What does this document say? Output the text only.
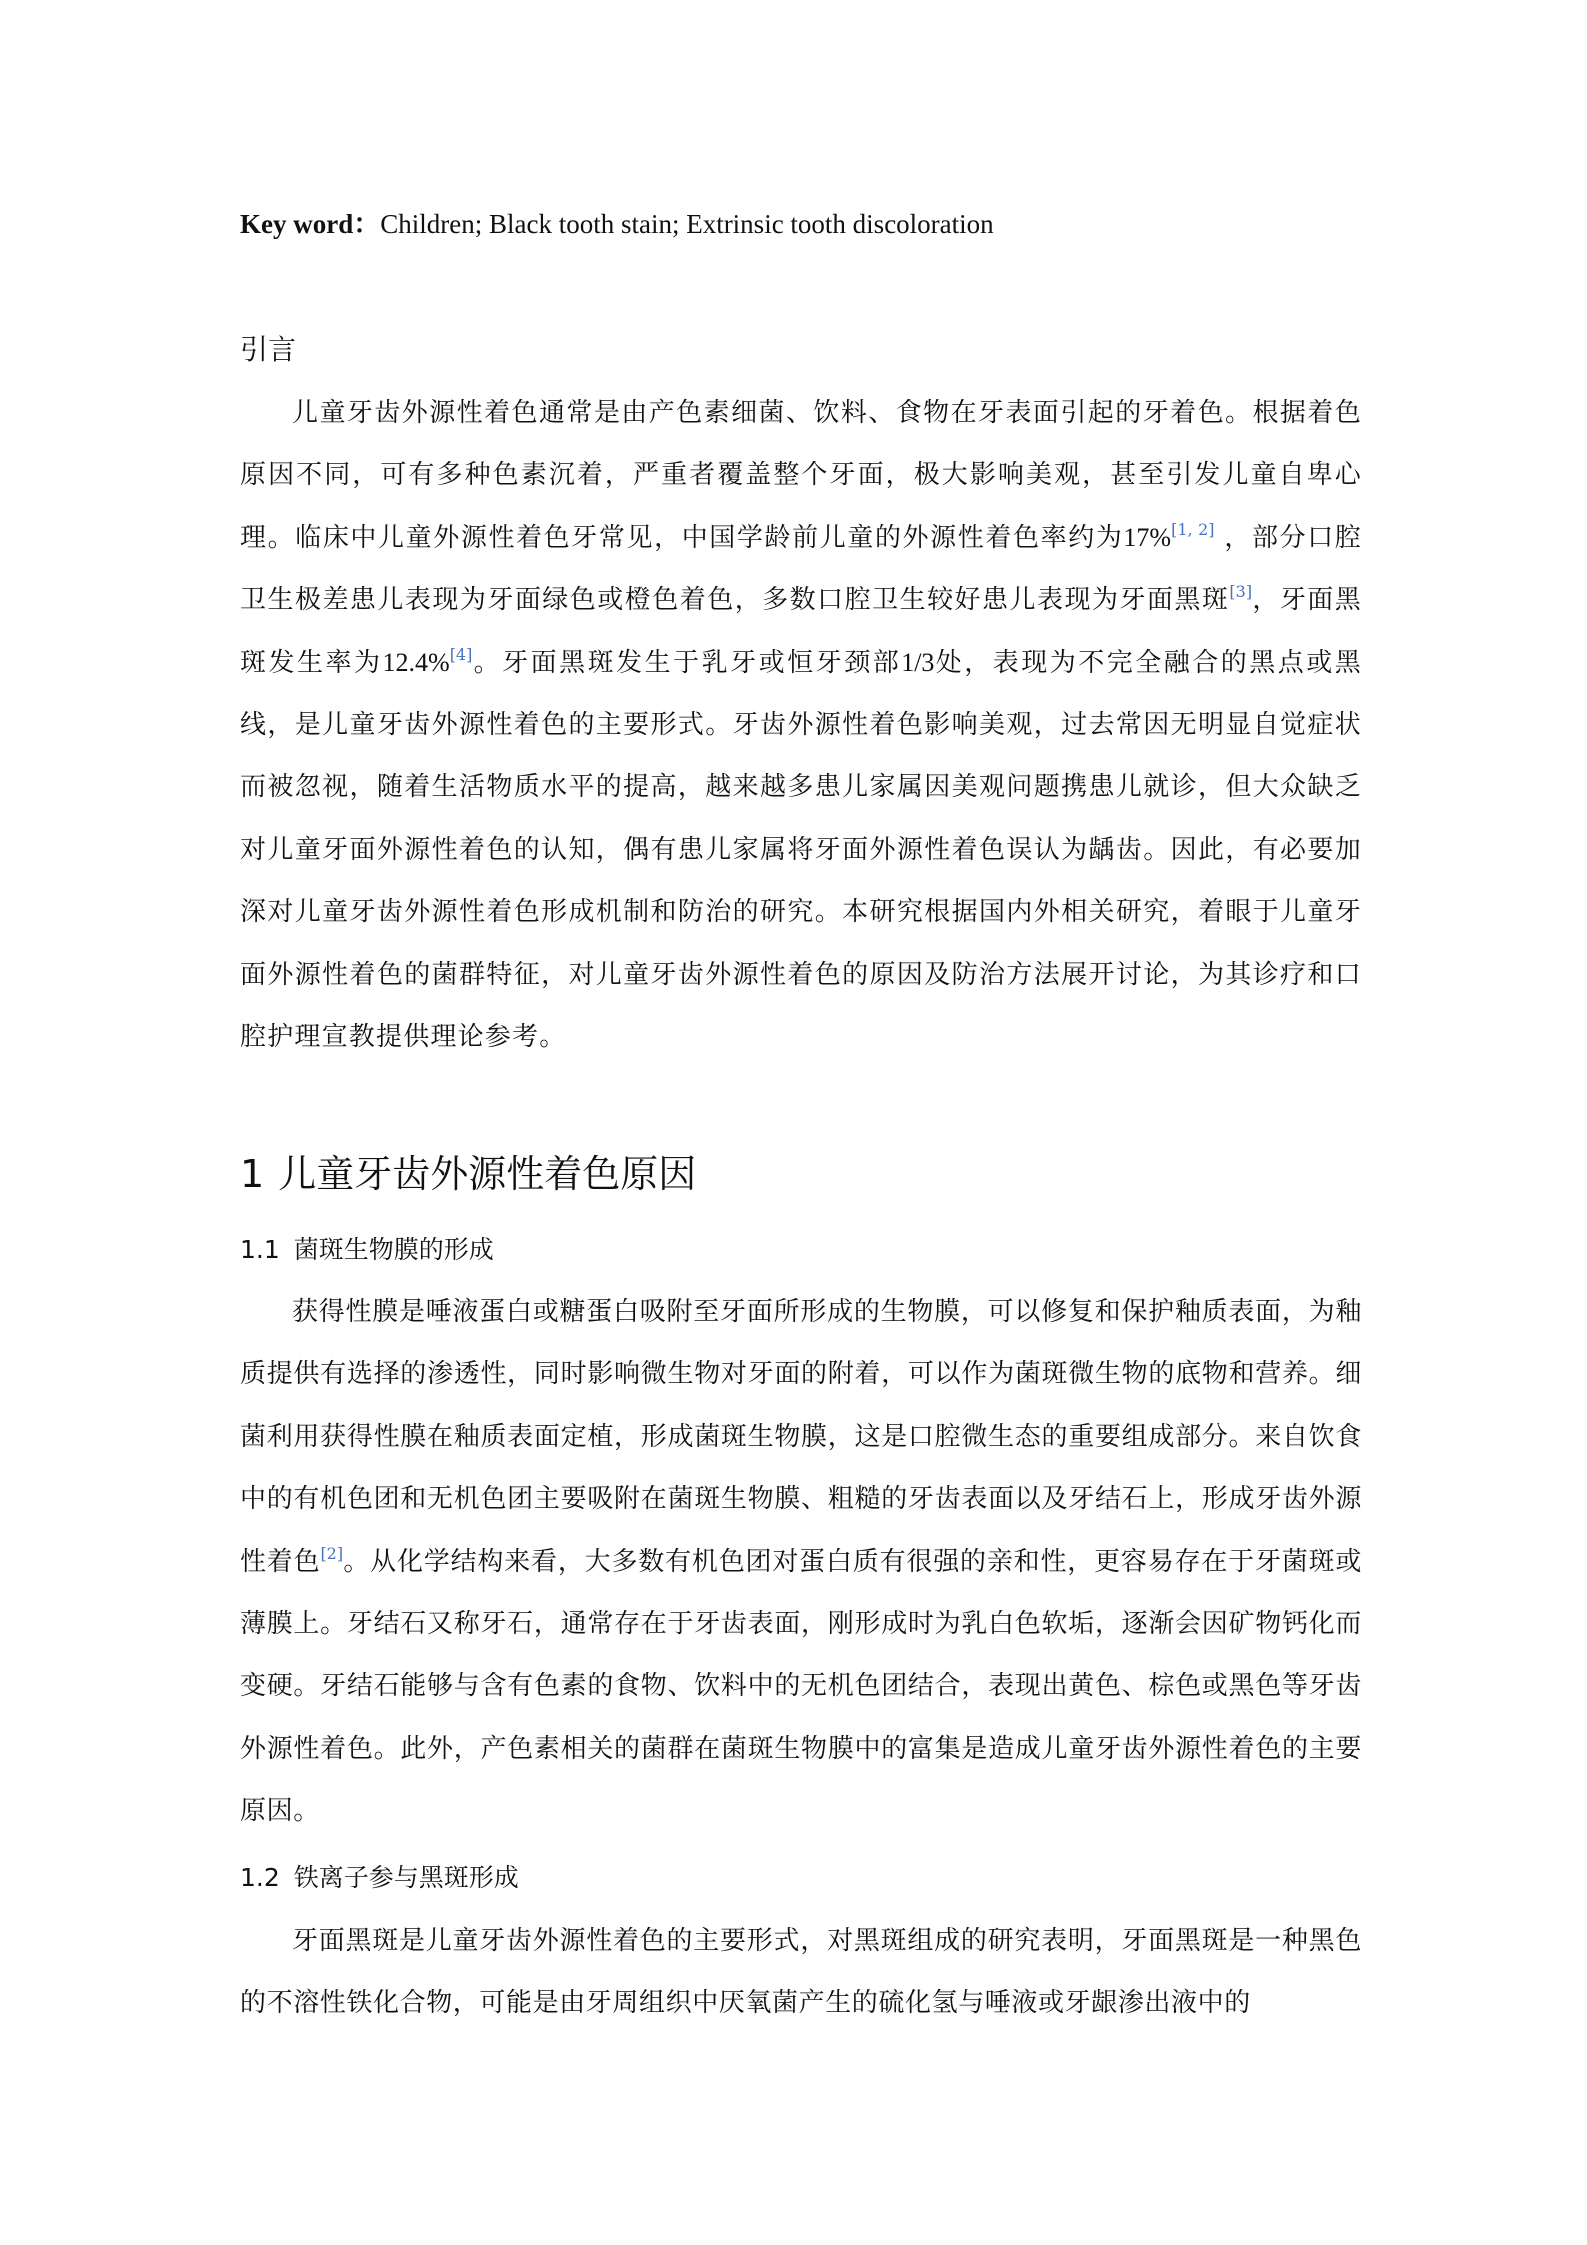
Key word：Children; Black tooth stain; Extrinsic tooth discoloration
引言

儿童牙齿外源性着色通常是由产色素细菌、饮料、食物在牙表面引起的牙着色。根据着色原因不同，可有多种色素沉着，严重者覆盖整个牙面，极大影响美观，甚至引发儿童自卑心理。临床中儿童外源性着色牙常见，中国学龄前儿童的外源性着色率约为17%[1, 2] ，部分口腔卫生极差患儿表现为牙面绿色或橙色着色，多数口腔卫生较好患儿表现为牙面黑斑[3]，牙面黑斑发生率为12.4%[4]。牙面黑斑发生于乳牙或恒牙颈部1/3处，表现为不完全融合的黑点或黑线，是儿童牙齿外源性着色的主要形式。牙齿外源性着色影响美观，过去常因无明显自觉症状而被忽视，随着生活物质水平的提高，越来越多患儿家属因美观问题携患儿就诊，但大众缺乏对儿童牙面外源性着色的认知，偶有患儿家属将牙面外源性着色误认为龋齿。因此，有必要加深对儿童牙齿外源性着色形成机制和防治的研究。本研究根据国内外相关研究，着眼于儿童牙面外源性着色的菌群特征，对儿童牙齿外源性着色的原因及防治方法展开讨论，为其诊疗和口腔护理宣教提供理论参考。

1 儿童牙齿外源性着色原因
1.1 菌斑生物膜的形成

获得性膜是唾液蛋白或糖蛋白吸附至牙面所形成的生物膜，可以修复和保护釉质表面，为釉质提供有选择的渗透性，同时影响微生物对牙面的附着，可以作为菌斑微生物的底物和营养。细菌利用获得性膜在釉质表面定植，形成菌斑生物膜，这是口腔微生态的重要组成部分。来自饮食中的有机色团和无机色团主要吸附在菌斑生物膜、粗糙的牙齿表面以及牙结石上，形成牙齿外源性着色[2]。从化学结构来看，大多数有机色团对蛋白质有很强的亲和性，更容易存在于牙菌斑或薄膜上。牙结石又称牙石，通常存在于牙齿表面，刚形成时为乳白色软垢，逐渐会因矿物钙化而变硬。牙结石能够与含有色素的食物、饮料中的无机色团结合，表现出黄色、棕色或黑色等牙齿外源性着色。此外，产色素相关的菌群在菌斑生物膜中的富集是造成儿童牙齿外源性着色的主要原因。

1.2 铁离子参与黑斑形成

牙面黑斑是儿童牙齿外源性着色的主要形式，对黑斑组成的研究表明，牙面黑斑是一种黑色的不溶性铁化合物，可能是由牙周组织中厌氧菌产生的硫化氢与唾液或牙龈渗出液中的
